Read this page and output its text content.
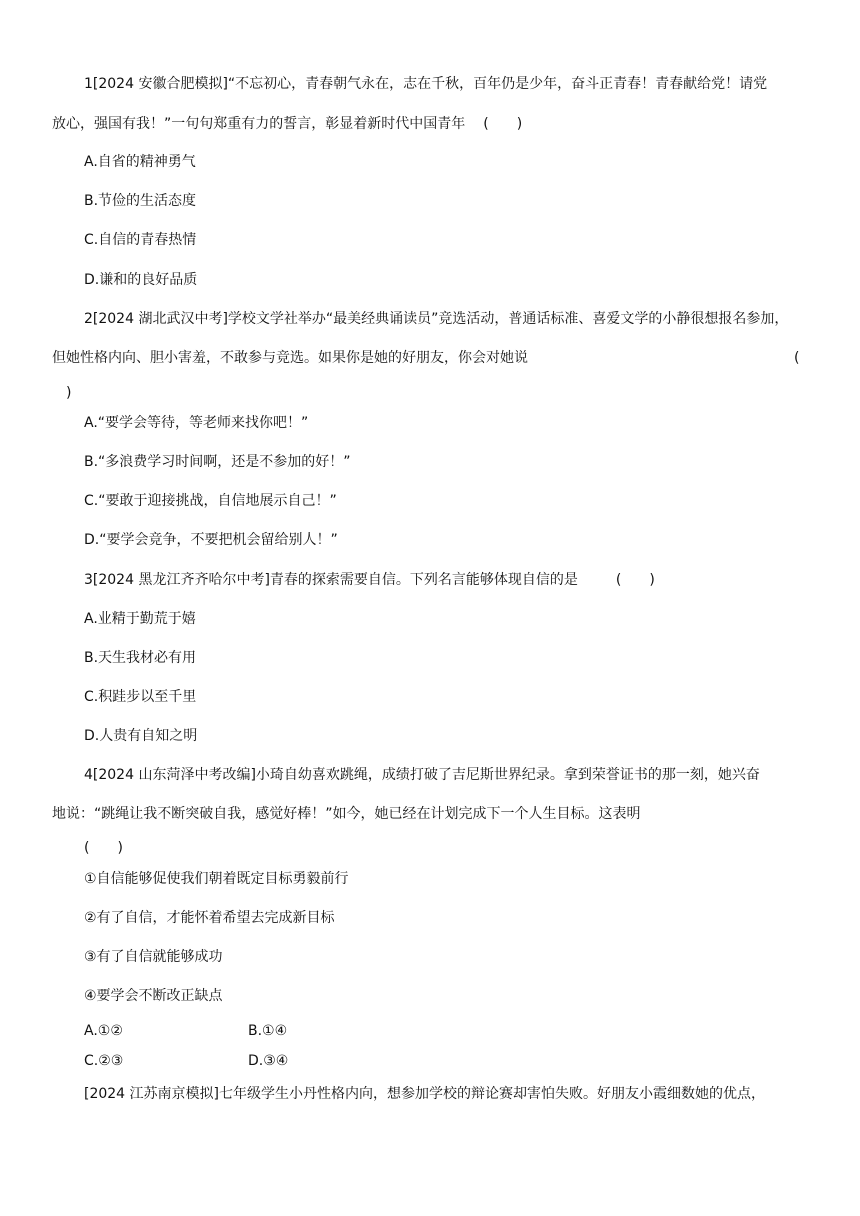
1[2024 安徽合肥模拟]“不忘初心，青春朝气永在，志在千秋，百年仍是少年，奋斗正青春！青春献给党！请党
放心，强国有我！”一句句郑重有力的誓言，彰显着新时代中国青年 (　　)
A.自省的精神勇气
B.节俭的生活态度
C.自信的青春热情
D.谦和的良好品质
2[2024 湖北武汉中考]学校文学社举办“最美经典诵读员”竞选活动，普通话标准、喜爱文学的小静很想报名参加，
但她性格内向、胆小害羞，不敢参与竞选。如果你是她的好朋友，你会对她说	(
)
A.“要学会等待，等老师来找你吧！”
B.“多浪费学习时间啊，还是不参加的好！”
C.“要敢于迎接挑战，自信地展示自己！”
D.“要学会竞争，不要把机会留给别人！”
3[2024 黑龙江齐齐哈尔中考]青春的探索需要自信。下列名言能够体现自信的是	(　　)
A.业精于勤荒于嬉
B.天生我材必有用
C.积跬步以至千里
D.人贵有自知之明
4[2024 山东菏泽中考改编]小琦自幼喜欢跳绳，成绩打破了吉尼斯世界纪录。拿到荣誉证书的那一刻，她兴奋
地说：“跳绳让我不断突破自我，感觉好棒！”如今，她已经在计划完成下一个人生目标。这表明
(　　)
①自信能够促使我们朝着既定目标勇毅前行
②有了自信，才能怀着希望去完成新目标
③有了自信就能够成功
④要学会不断改正缺点
A.①②	B.①④
C.②③	D.③④
[2024 江苏南京模拟]七年级学生小丹性格内向，想参加学校的辩论赛却害怕失败。好朋友小霞细数她的优点，
